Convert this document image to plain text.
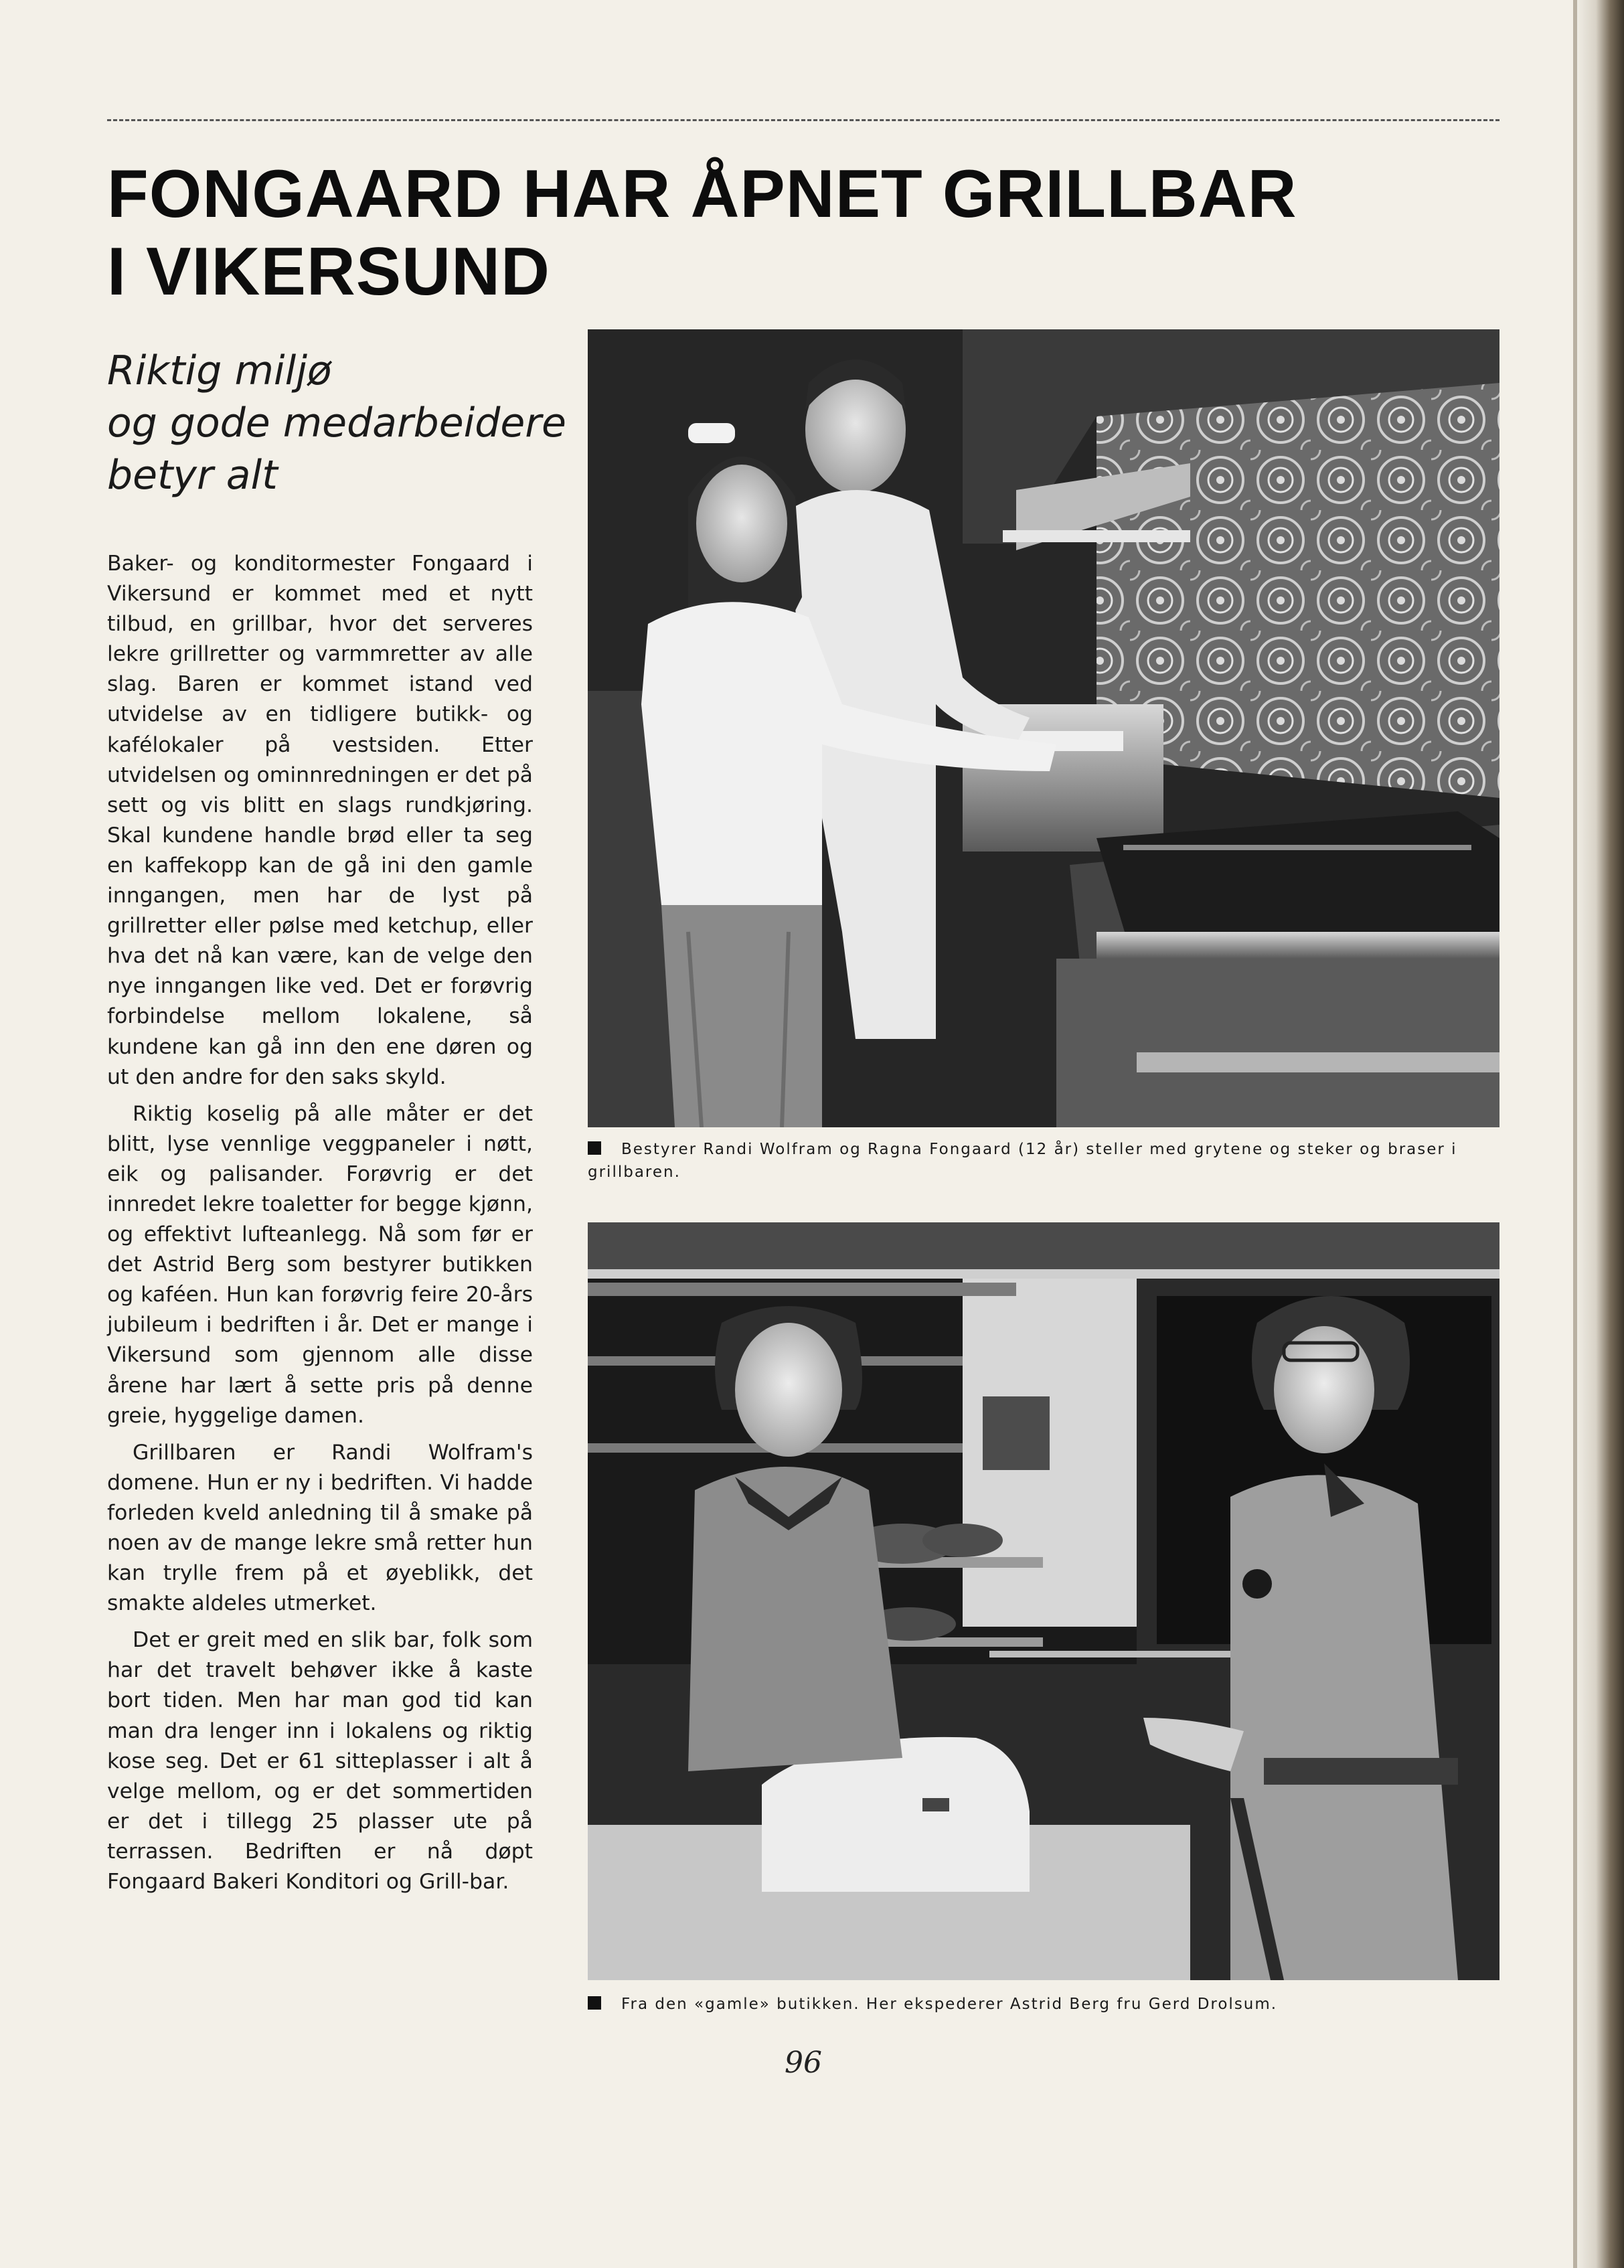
FONGAARD HAR ÅPNET GRILLBAR
I VIKERSUND
Riktig miljø
og gode medarbeidere
betyr alt

Baker- og konditormester Fongaard i Vikersund er kommet med et nytt tilbud, en grillbar, hvor det serveres lekre grillretter og varmmretter av alle slag. Baren er kommet istand ved utvidelse av en tidligere butikk- og kafélokaler på vestsiden. Etter utvidelsen og ominnredningen er det på sett og vis blitt en slags rundkjøring. Skal kundene handle brød eller ta seg en kaffekopp kan de gå ini den gamle inngangen, men har de lyst på grillretter eller pølse med ketchup, eller hva det nå kan være, kan de velge den nye inngangen like ved. Det er forøvrig forbindelse mellom lokalene, så kundene kan gå inn den ene døren og ut den andre for den saks skyld.

Riktig koselig på alle måter er det blitt, lyse vennlige veggpaneler i nøtt, eik og palisander. Forøvrig er det innredet lekre toaletter for begge kjønn, og effektivt lufteanlegg. Nå som før er det Astrid Berg som bestyrer butikken og kaféen. Hun kan forøvrig feire 20-års jubileum i bedriften i år. Det er mange i Vikersund som gjennom alle disse årene har lært å sette pris på denne greie, hyggelige damen.

Grillbaren er Randi Wolfram's domene. Hun er ny i bedriften. Vi hadde forleden kveld anledning til å smake på noen av de mange lekre små retter hun kan trylle frem på et øyeblikk, det smakte aldeles utmerket.

Det er greit med en slik bar, folk som har det travelt behøver ikke å kaste bort tiden. Men har man god tid kan man dra lenger inn i lokalens og riktig kose seg. Det er 61 sitteplasser i alt å velge mellom, og er det sommertiden er det i tillegg 25 plasser ute på terrassen. Bedriften er nå døpt Fongaard Bakeri Konditori og Grill-bar.

Bestyrer Randi Wolfram og Ragna Fongaard (12 år) steller med grytene og steker og braser i grillbaren.
Fra den «gamle» butikken. Her ekspederer Astrid Berg fru Gerd Drolsum.
96
